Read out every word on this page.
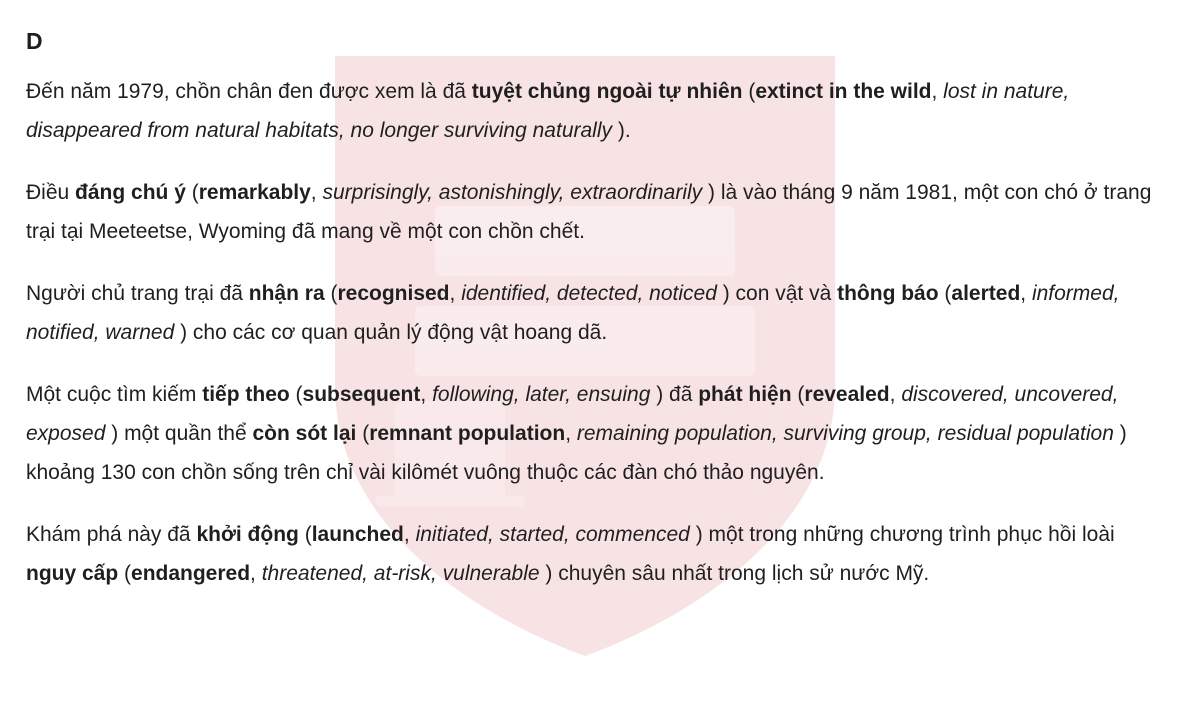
D
Đến năm 1979, chồn chân đen được xem là đã tuyệt chủng ngoài tự nhiên (extinct in the wild, lost in nature, disappeared from natural habitats, no longer surviving naturally ).
Điều đáng chú ý (remarkably, surprisingly, astonishingly, extraordinarily ) là vào tháng 9 năm 1981, một con chó ở trang trại tại Meeteetse, Wyoming đã mang về một con chồn chết.
Người chủ trang trại đã nhận ra (recognised, identified, detected, noticed ) con vật và thông báo (alerted, informed, notified, warned ) cho các cơ quan quản lý động vật hoang dã.
Một cuộc tìm kiếm tiếp theo (subsequent, following, later, ensuing ) đã phát hiện (revealed, discovered, uncovered, exposed ) một quần thể còn sót lại (remnant population, remaining population, surviving group, residual population ) khoảng 130 con chồn sống trên chỉ vài kilômét vuông thuộc các đàn chó thảo nguyên.
Khám phá này đã khởi động (launched, initiated, started, commenced ) một trong những chương trình phục hồi loài nguy cấp (endangered, threatened, at-risk, vulnerable ) chuyên sâu nhất trong lịch sử nước Mỹ.
